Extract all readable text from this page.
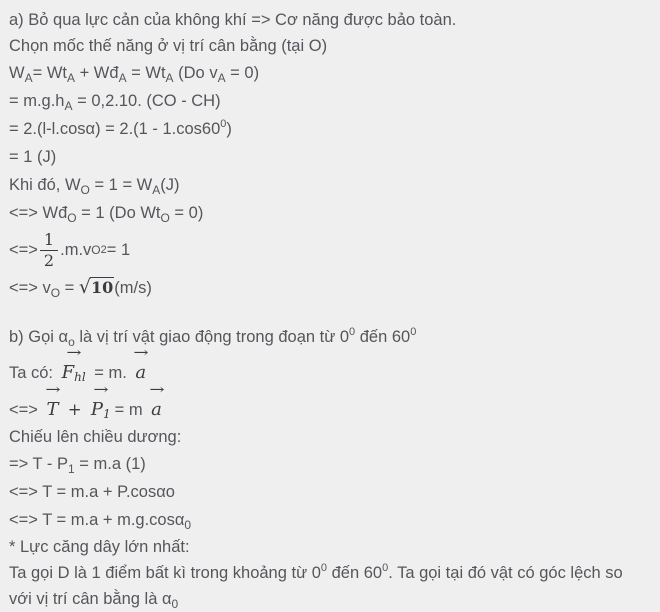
a) Bỏ qua lực cản của không khí => Cơ năng được bảo toàn.
Chọn mốc thế năng ở vị trí cân bằng (tại O)
$W_A= Wt_A$ + $Wđ_A = Wt_A$ (Do $v_A = 0$)
= $m.g.h_A = 0,2.10$. (CO - CH)
= $2.(l-l.\cos\alpha) = 2.(1 - 1.\cos 60^0)$
= 1 (J)
Khi đó, $W_O = 1 = W_A(J)$
<=> $Wđ_O = 1$ (Do $Wt_O = 0$)
<=> $\frac{1}{2} .m.v$ O 2 = 1
<=> $v_O = √10(m/s)$
b) Gọi $\alpha_o$ là vị trí vật giao động trong đoạn từ $0^0$ đến $60^0$
Ta có:
→
$F_{hl} = m$.
→
a
<=>
→
T +
→
$P_1 = m$
→
a
Chiếu lên chiều dương:
=> $T - P_1 = m.a$ (1)
<=> T = m.a + P.cosαo
<=> T = m.a + m.g.cosα$_0$
* Lực căng dây lớn nhất:
Ta gọi D là 1 điểm bất kì trong khoảng từ $0^0$ đến $60^0$. Ta gọi tại đó vật có góc lệch so
với vị trí cân bằng là $\alpha_0$
